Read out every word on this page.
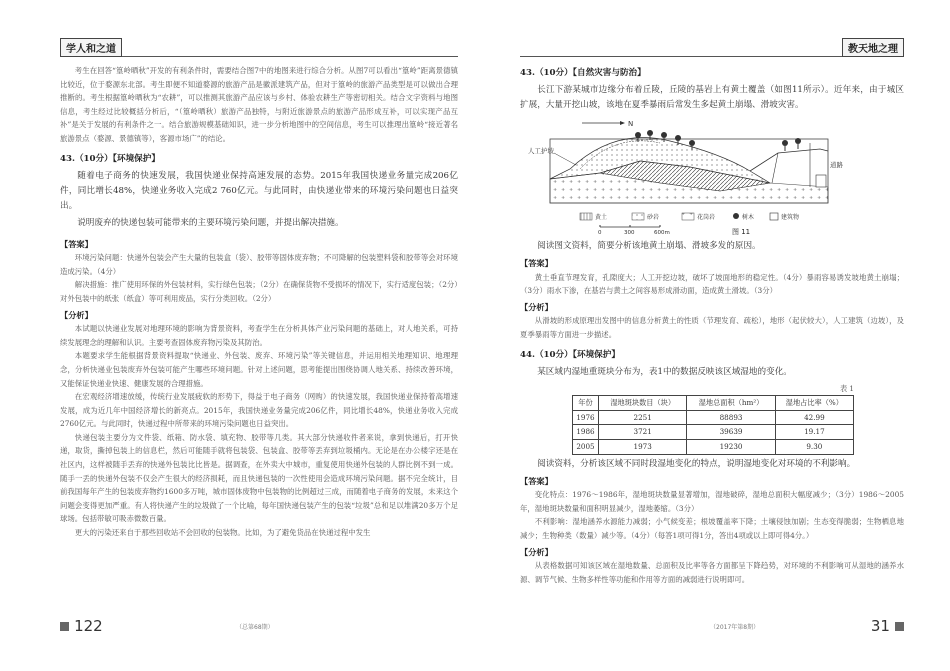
学人和之道

考生在回答“篁岭晒秋”开发的有利条件时，需要结合图7中的地图来进行综合分析。从图7可以看出“篁岭”距离景德镇比较近，位于婺源东北部。考生即便不知道婺源的旅游产品是徽派建筑产品，但对于篁岭的旅游产品类型是可以做出合理推断的。考生根据篁岭晒秋为“农耕”，可以推测其旅游产品应该与乡村、体验农耕生产等密切相关。结合文字资料与地图信息，考生经过比较概括分析后，“（篁岭晒秋）旅游产品独特，与附近旅游景点的旅游产品形成互补，可以实现产品互补”是关于发展的有利条件之一。结合旅游规模基础知识，进一步分析地图中的空间信息，考生可以推理出篁岭“接近著名旅游景点（婺源、景德镇等），客源市场广”的结论。

43.（10分）【环境保护】

随着电子商务的快速发展，我国快递业保持高速发展的态势。2015年我国快递业务量完成206亿件，同比增长48%，快递业务收入完成2 760亿元。与此同时，由快递业带来的环境污染问题也日益突出。

说明废弃的快递包装可能带来的主要环境污染问题，并提出解决措施。

【答案】

环境污染问题：快递外包装会产生大量的包装盒（袋）、胶带等固体废弃物；不可降解的包装塑料袋和胶带等会对环境造成污染。（4分）

解决措施：推广使用环保的外包装材料，实行绿色包装；（2分）在确保货物不受损坏的情况下，实行适度包装；（2分）对外包装中的纸张（纸盒）等可利用废品，实行分类回收。（2分）

【分析】

本试题以快递业发展对地理环境的影响为背景资料，考查学生在分析具体产业污染问题的基础上，对人地关系，可持续发展理念的理解和认识。主要考查固体废弃物污染及其防治。

本题要求学生能根据背景资料提取“快递业、外包装、废弃、环境污染”等关键信息，并运用相关地理知识、地理理念，分析快递业包装废弃外包装可能产生哪些环境问题。针对上述问题，思考能提出围绕协调人地关系、持续改善环境，又能保证快递业快速、健康发展的合理措施。

在宏观经济增速放缓，传统行业发展疲软的形势下，得益于电子商务（网购）的快速发展，我国快递业保持着高增速发展，成为近几年中国经济增长的新亮点。2015年，我国快递业务量完成206亿件，同比增长48%，快递业务收入完成2760亿元。与此同时，快递过程中所带来的环境污染问题也日益突出。

快递包装主要分为文件袋、纸箱、防水袋、填充物、胶带等几类。其大部分快递收件者来说，拿到快递后，打开快递，取货，撕掉包装上的信息栏，然后可能随手就将包装袋、包装盒、胶带等丢弃到垃圾桶内。无论是在办公楼字还是在社区内，这样被随手丢弃的快递外包装比比皆是。据调查，在外卖大中城市，重复使用快递外包装的人群比例不到一成。随手一丢的快递外包装不仅会产生很大的经济损耗，而且快递包装的一次性使用会造成环境污染问题。据不完全统计，目前我国每年产生的包装废弃物约1600多万吨，城市固体废物中包装物的比例超过三成，而随着电子商务的发展，未来这个问题会变得更加严重。有人将快递产生的垃圾做了一个比喻，每年国快递包装产生的包装“垃圾”总和足以堆满20多万个足球场。包括带敏可吸赤微数百量。

更大的污染还来自于那些回收站不会回收的包装物。比如，为了避免货品在快递过程中发生

122	（总第68期）
教天地之理

43.（10分）【自然灾害与防治】

长江下游某城市边缘分布着丘陵，丘陵的基岩上有黄土覆盖（如图11所示）。近年来，由于城区扩展，大量开挖山坡，该地在夏季暴雨后常发生多起黄土崩塌、滑坡灾害。

N
人工护坡
道路
黄土	砂岩	花岗岩	树木	建筑物
0	300	600m	图 11

阅读图文资料，简要分析该地黄土崩塌、滑坡多发的原因。

【答案】

黄土垂直节理发育，孔隙度大；人工开挖边坡，破坏了坡面地形的稳定性。（4分）暴雨容易诱发坡地黄土崩塌；（3分）雨水下渗，在基岩与黄土之间容易形成滑动面，造成黄土滑坡。（3分）

【分析】

从滑坡的形成原理出发图中的信息分析黄土的性质（节理发育、疏松），地形（起伏较大），人工建筑（边坡），及夏季暴雨等方面进一步描述。

44.（10分）【环境保护】

某区域内湿地重斑块分布为，表1中的数据反映该区域湿地的变化。

表 1
年份	湿地斑块数目（块）	湿地总面积（hm²）	湿地占比率（%）
1976	2251	88893	42.99
1986	3721	39639	19.17
2005	1973	19230	9.30

阅读资料，分析该区域不同时段湿地变化的特点，说明湿地变化对环境的不利影响。

【答案】

变化特点：1976～1986年，湿地斑块数量显著增加，湿地破碎，湿地总面积大幅度减少；（3分）1986～2005年，湿地斑块数量和面积明显减少，湿地萎缩。（3分）

不利影响：湿地涵养水源能力减弱；小气候变差；根坡覆盖率下降；土壤侵蚀加剧；生态变得脆弱；生物栖息地减少；生物种类（数量）减少等。（4分）（每答1项可得1分，答出4项或以上即可得4分。）

【分析】

从表格数据可知该区域在湿地数量、总面积及比率等各方面都呈下降趋势，对环境的不利影响可从湿地的涵养水源、调节气候、生物多样性等功能和作用等方面的减弱进行说明即可。

（2017年第8期）	31
